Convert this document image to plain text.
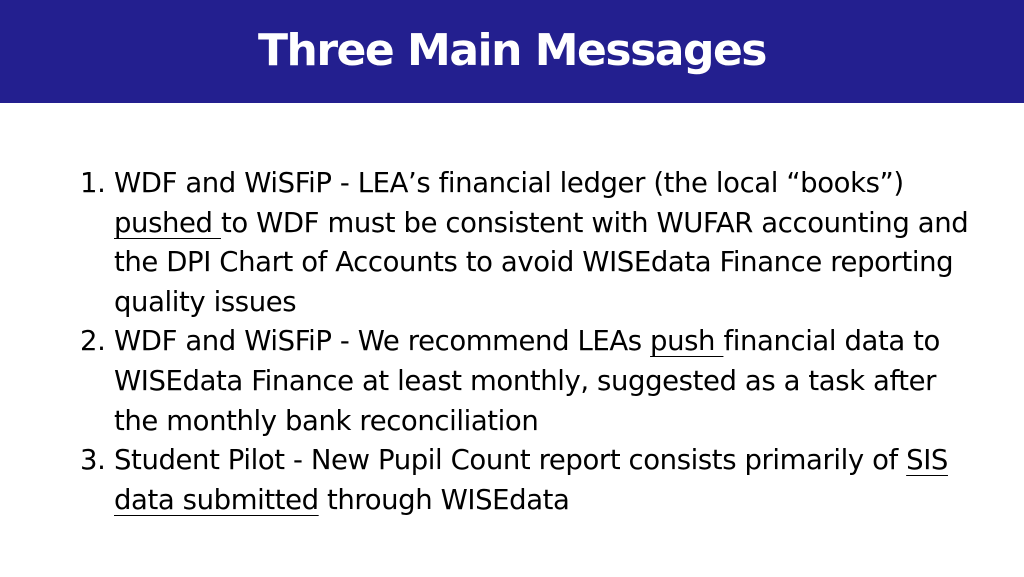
Three Main Messages
1. WDF and WiSFiP - LEA’s financial ledger (the local “books”) pushed to WDF must be consistent with WUFAR accounting and the DPI Chart of Accounts to avoid WISEdata Finance reporting quality issues
2. WDF and WiSFiP - We recommend LEAs push financial data to WISEdata Finance at least monthly, suggested as a task after the monthly bank reconciliation
3. Student Pilot - New Pupil Count report consists primarily of SIS data submitted through WISEdata
